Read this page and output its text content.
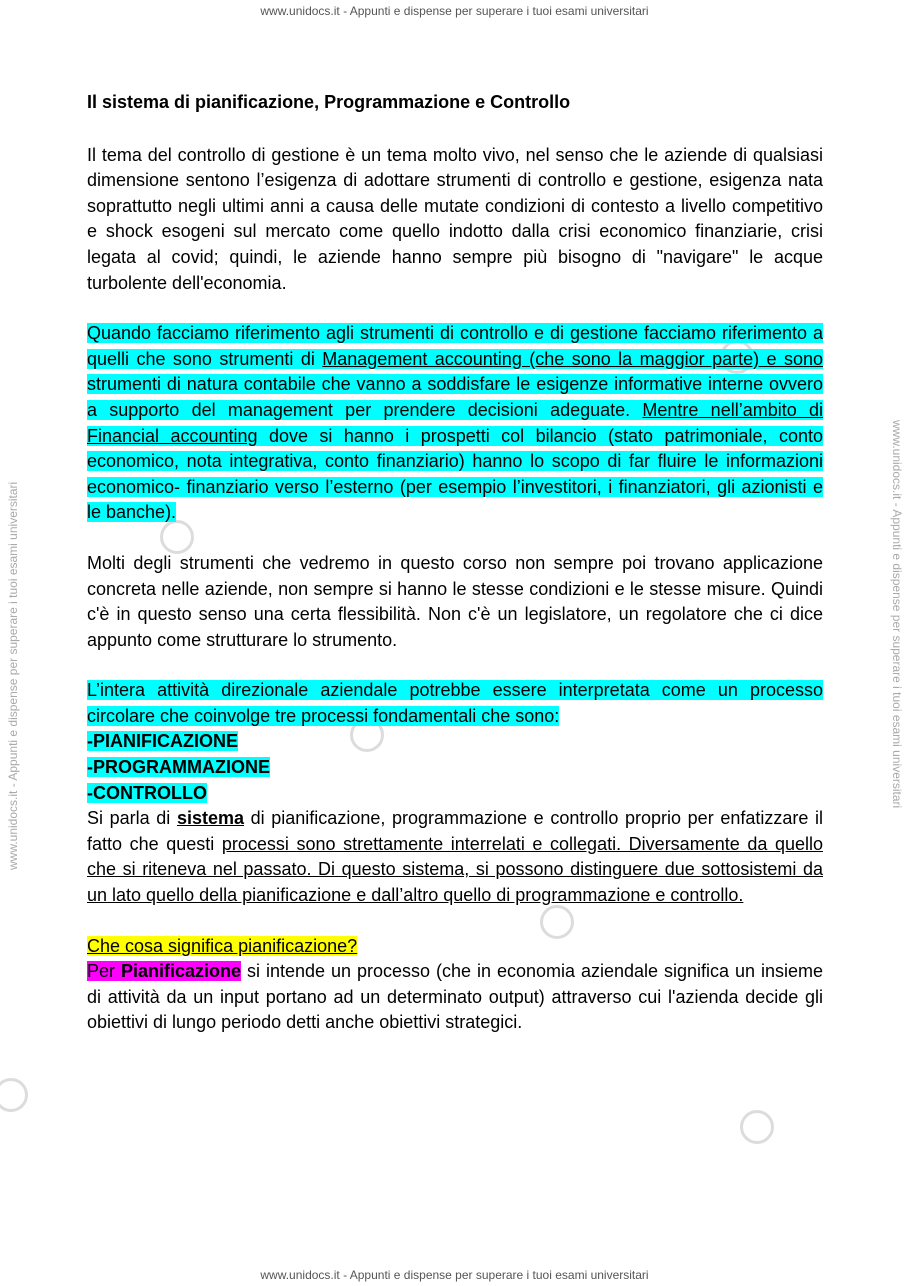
www.unidocs.it - Appunti e dispense per superare i tuoi esami universitari
www.unidocs.it - Appunti e dispense per superare i tuoi esami universitari	www.unidocs.it - Appunti e dispense per superare i tuoi esami universitari
Il sistema di pianificazione, Programmazione e Controllo

Il tema del controllo di gestione è un tema molto vivo, nel senso che le aziende di qualsiasi dimensione sentono l’esigenza di adottare strumenti di controllo e gestione, esigenza nata soprattutto negli ultimi anni a causa delle mutate condizioni di contesto a livello competitivo e shock esogeni sul mercato come quello indotto dalla crisi economico finanziarie, crisi legata al covid; quindi, le aziende hanno sempre più bisogno di "navigare" le acque turbolente dell'economia.

Quando facciamo riferimento agli strumenti di controllo e di gestione facciamo riferimento a quelli che sono strumenti di Management accounting (che sono la maggior parte) e sono strumenti di natura contabile che vanno a soddisfare le esigenze informative interne ovvero a supporto del management per prendere decisioni adeguate. Mentre nell’ambito di Financial accounting dove si hanno i prospetti col bilancio (stato patrimoniale, conto economico, nota integrativa, conto finanziario) hanno lo scopo di far fluire le informazioni economico- finanziario verso l’esterno (per esempio l’investitori, i finanziatori, gli azionisti e le banche).

Molti degli strumenti che vedremo in questo corso non sempre poi trovano applicazione concreta nelle aziende, non sempre si hanno le stesse condizioni e le stesse misure. Quindi c'è in questo senso una certa flessibilità. Non c'è un legislatore, un regolatore che ci dice appunto come strutturare lo strumento.

L’intera attività direzionale aziendale potrebbe essere interpretata come un processo circolare che coinvolge tre processi fondamentali che sono:
-PIANIFICAZIONE
-PROGRAMMAZIONE
-CONTROLLO
Si parla di sistema di pianificazione, programmazione e controllo proprio per enfatizzare il fatto che questi processi sono strettamente interrelati e collegati. Diversamente da quello che si riteneva nel passato. Di questo sistema, si possono distinguere due sottosistemi da un lato quello della pianificazione e dall’altro quello di programmazione e controllo.

Che cosa significa pianificazione?
Per Pianificazione si intende un processo (che in economia aziendale significa un insieme di attività da un input portano ad un determinato output) attraverso cui l'azienda decide gli obiettivi di lungo periodo detti anche obiettivi strategici.

www.unidocs.it - Appunti e dispense per superare i tuoi esami universitari
